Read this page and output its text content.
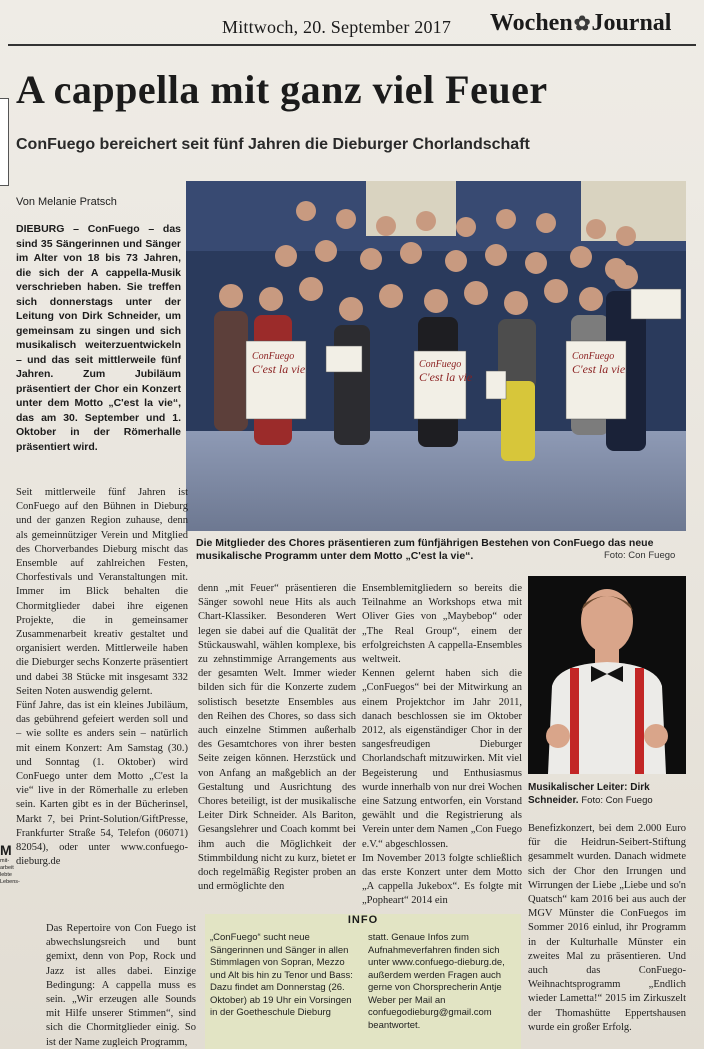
Mittwoch, 20. September 2017 Wochen✿Journal
A cappella mit ganz viel Feuer
ConFuego bereichert seit fünf Jahren die Dieburger Chorlandschaft
Von Melanie Pratsch
DIEBURG – ConFuego – das sind 35 Sängerinnen und Sänger im Alter von 18 bis 73 Jahren, die sich der A cappella-Musik verschrieben haben. Sie treffen sich donnerstags unter der Leitung von Dirk Schneider, um gemeinsam zu singen und sich musikalisch weiterzuentwickeln – und das seit mittlerweile fünf Jahren. Zum Jubiläum präsentiert der Chor ein Konzert unter dem Motto „C'est la vie“, das am 30. September und 1. Oktober in der Römerhalle präsentiert wird.
ConFuego
C'est la vie	ConFuego
C'est la vie
ConFuego
C'est la vie
Die Mitglieder des Chores präsentieren zum fünfjährigen Bestehen von ConFuego das neue musikalische Programm unter dem Motto „C'est la vie“.	Foto: Con Fuego

Seit mittlerweile fünf Jahren ist ConFuego auf den Bühnen in Dieburg und der ganzen Region zuhause, denn als gemeinnütziger Verein und Mitglied des Chorverbandes Dieburg mischt das Ensemble auf zahlreichen Festen, Chorfestivals und Veranstaltungen mit. Immer im Blick behalten die Chormitglieder dabei ihre eigenen Projekte, die in gemeinsamer Zusammenarbeit kreativ gestaltet und organisiert werden. Mittlerweile haben die Dieburger sechs Konzerte präsentiert und dabei 38 Stücke mit insgesamt 332 Seiten Noten auswendig gelernt.

Fünf Jahre, das ist ein kleines Jubiläum, das gebührend gefeiert werden soll und – wie sollte es anders sein – natürlich mit einem Konzert: Am Samstag (30.) und Sonntag (1. Oktober) wird ConFuego unter dem Motto „C'est la vie“ live in der Römerhalle zu erleben sein. Karten gibt es in der Bücherinsel, Markt 7, bei Print-Solution/GiftPresse, Frankfurter Straße 54, Telefon (06071) 82054), oder unter www.confuego-dieburg.de

Das Repertoire von Con Fuego ist abwechslungsreich und bunt gemixt, denn von Pop, Rock und Jazz ist alles dabei. Einzige Bedingung: A cappella muss es sein. „Wir erzeugen alle Sounds mit Hilfe unserer Stimmen“, sind sich die Chormitglieder einig. So ist der Name zugleich Programm,

M
mit- arbeit lebte Lebens-

denn „mit Feuer“ präsentieren die Sänger sowohl neue Hits als auch Chart-Klassiker. Besonderen Wert legen sie dabei auf die Qualität der Stückauswahl, wählen komplexe, bis zu zehnstimmige Arrangements aus der gesamten Welt. Immer wieder bilden sich für die Konzerte zudem solistisch besetzte Ensembles aus den Reihen des Chores, so dass sich auch einzelne Stimmen außerhalb des Gesamtchores von ihrer besten Seite zeigen können. Herzstück und von Anfang an maßgeblich an der Gestaltung und Ausrichtung des Chores beteiligt, ist der musikalische Leiter Dirk Schneider. Als Bariton, Gesangslehrer und Coach kommt bei ihm auch die Möglichkeit der Stimmbildung nicht zu kurz, bietet er doch regelmäßig Register proben an und ermöglichte den

Ensemblemitgliedern so bereits die Teilnahme an Workshops etwa mit Oliver Gies von „Maybebop“ oder „The Real Group“, einem der erfolgreichsten A cappella-Ensembles weltweit.

Kennen gelernt haben sich die „ConFuegos“ bei der Mitwirkung an einem Projektchor im Jahr 2011, danach beschlossen sie im Oktober 2012, als eigenständiger Chor in der sangesfreudigen Dieburger Chorlandschaft mitzuwirken. Mit viel Begeisterung und Enthusiasmus wurde innerhalb von nur drei Wochen eine Satzung entworfen, ein Vorstand gewählt und die Registrierung als Verein unter dem Namen „Con Fuego e.V.“ abgeschlossen.

Im November 2013 folgte schließlich das erste Konzert unter dem Motto „A cappella Jukebox“. Es folgte mit „Popheart“ 2014 ein

Musikalischer Leiter: Dirk Schneider. Foto: Con Fuego

Benefizkonzert, bei dem 2.000 Euro für die Heidrun-Seibert-Stiftung gesammelt wurden. Danach widmete sich der Chor den Irrungen und Wirrungen der Liebe „Liebe und so'n Quatsch“ kam 2016 bei aus auch der MGV Münster die ConFuegos im Sommer 2016 einlud, ihr Programm in der Kulturhalle Münster ein zweites Mal zu präsentieren. Und auch das ConFuego-Weihnachtsprogramm „Endlich wieder Lametta!“ 2015 im Zirkuszelt der Thomashütte Eppertshausen wurde ein großer Erfolg.

INFO
„ConFuego“ sucht neue Sängerinnen und Sänger in allen Stimmlagen von Sopran, Mezzo und Alt bis hin zu Tenor und Bass: Dazu findet am Donnerstag (26. Oktober) ab 19 Uhr ein Vorsingen in der Goetheschule Dieburg
statt. Genaue Infos zum Aufnahmeverfahren finden sich unter www.confuego-dieburg.de, außerdem werden Fragen auch gerne von Chorsprecherin Antje Weber per Mail an confuegodieburg@gmail.com beantwortet.
